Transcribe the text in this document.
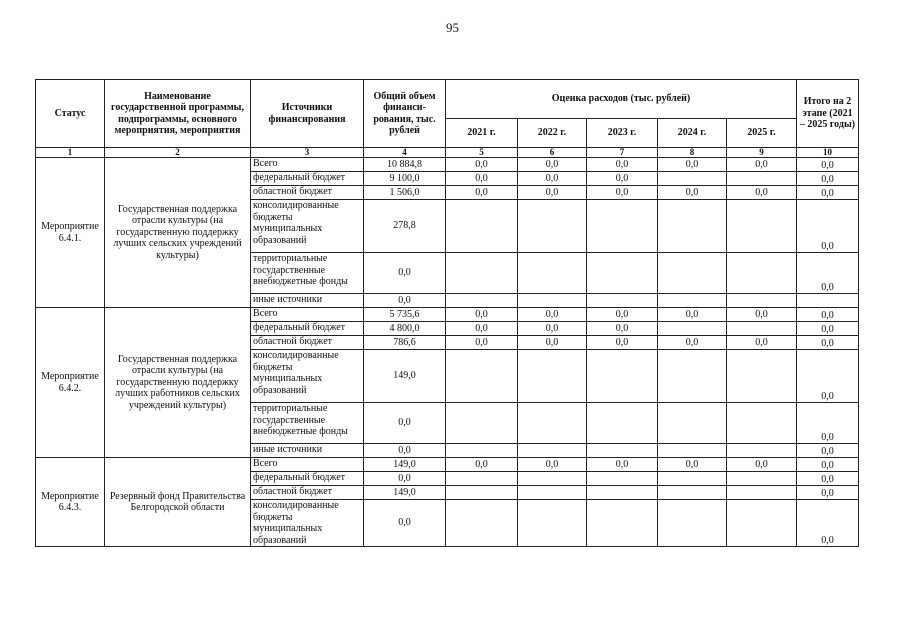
95
Статус	Наименование государственной программы, подпрограммы, основного мероприятия, мероприятия	Источники финансирования	Общий объем финанси-рования, тыс. рублей	Оценка расходов (тыс. рублей)					Итого на 2 этапе (2021 – 2025 годы)
				2021 г.	2022 г.	2023 г.	2024 г.	2025 г.	
1	2	3	4	5	6	7	8	9	10
Мероприятие 6.4.1.	Государственная поддержка отрасли культуры (на государственную поддержку лучших сельских учреждений культуры)	Всего	10 884,8	0,0	0,0	0,0	0,0	0,0	0,0
		федеральный бюджет	9 100,0	0,0	0,0	0,0			0,0
		областной бюджет	1 506,0	0,0	0,0	0,0	0,0	0,0	0,0
		консолидированные бюджеты муниципальных образований	278,8						0,0
		территориальные государственные внебюджетные фонды	0,0						0,0
		иные источники	0,0						
Мероприятие 6.4.2.	Государственная поддержка отрасли культуры (на государственную поддержку лучших работников сельских учреждений культуры)	Всего	5 735,6	0,0	0,0	0,0	0,0	0,0	0,0
		федеральный бюджет	4 800,0	0,0	0,0	0,0			0,0
		областной бюджет	786,6	0,0	0,0	0,0	0,0	0,0	0,0
		консолидированные бюджеты муниципальных образований	149,0						0,0
		территориальные государственные внебюджетные фонды	0,0						0,0
		иные источники	0,0						0,0
Мероприятие 6.4.3.	Резервный фонд Правительства Белгородской области	Всего	149,0	0,0	0,0	0,0	0,0	0,0	0,0
		федеральный бюджет	0,0						0,0
		областной бюджет	149,0						0,0
		консолидированные бюджеты муниципальных образований	0,0						0,0
